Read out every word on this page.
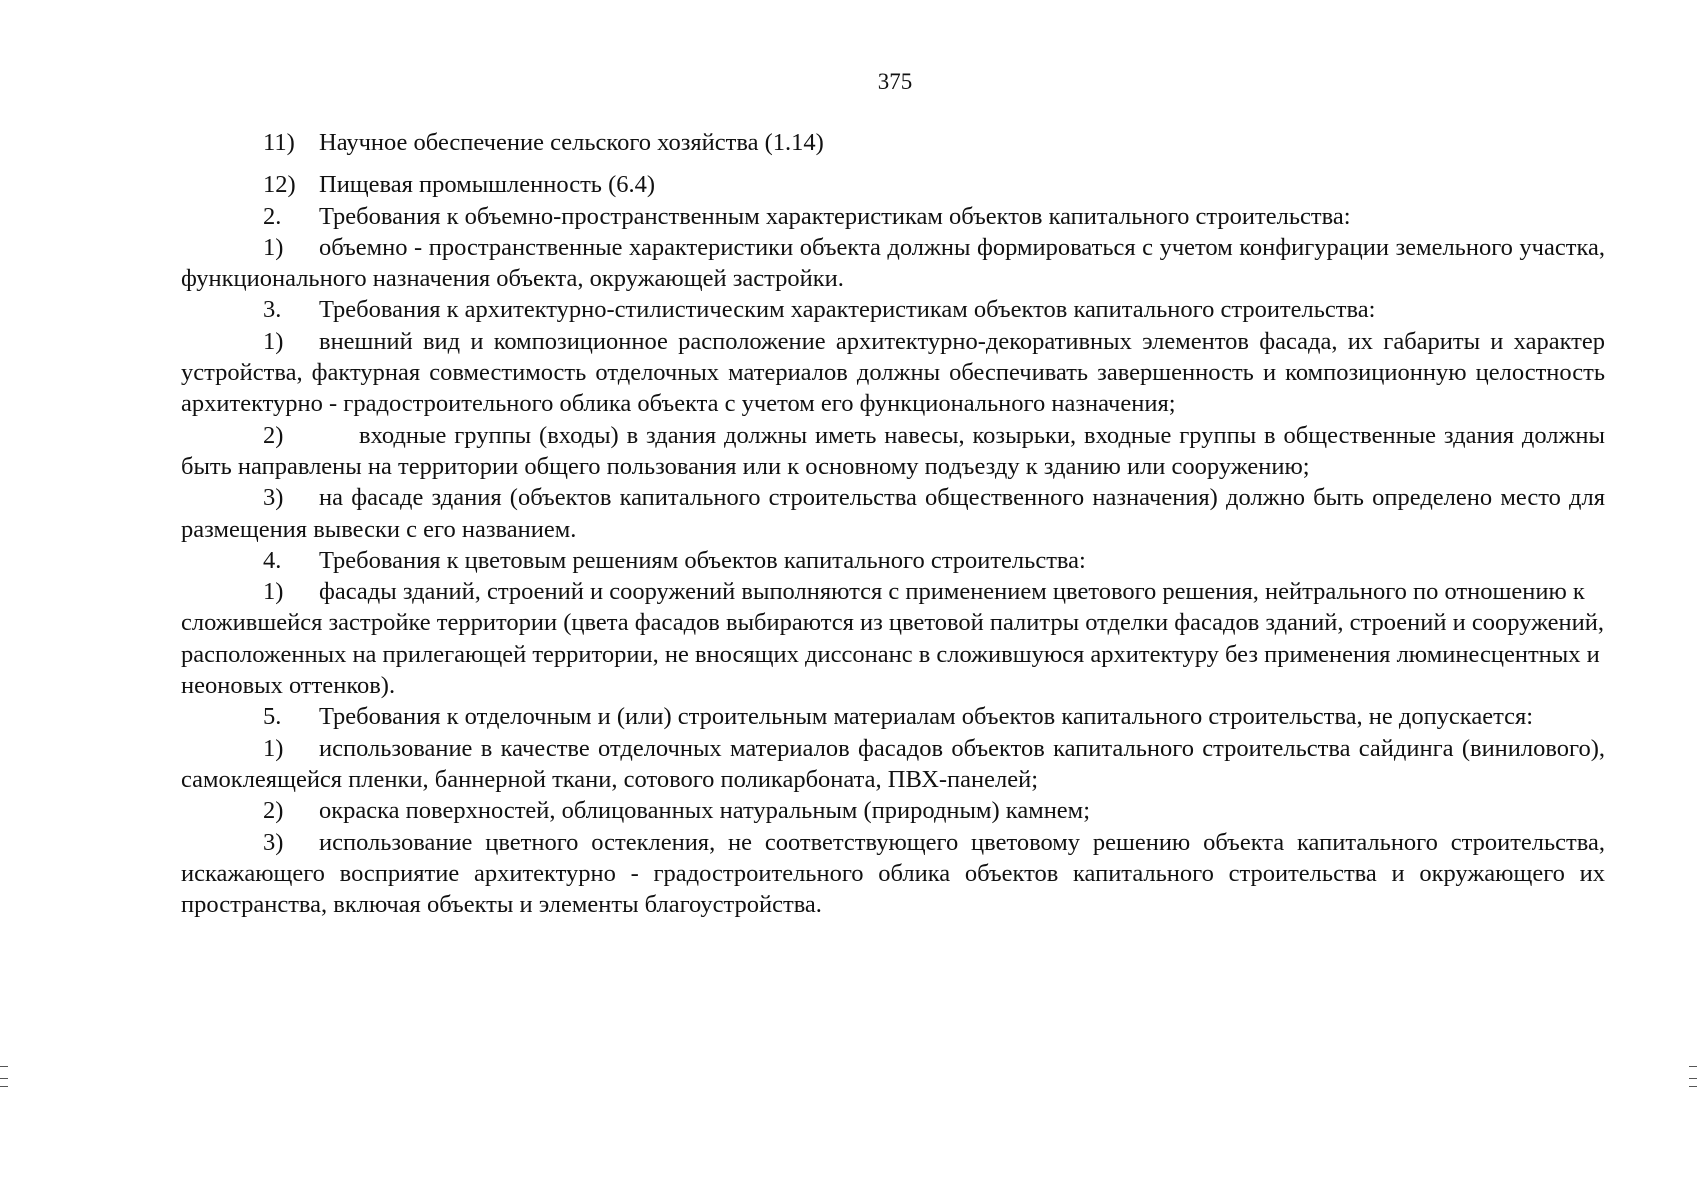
375

11) Научное обеспечение сельского хозяйства (1.14)

12) Пищевая промышленность (6.4)

2. Требования к объемно-пространственным характеристикам объектов капитального строительства:

1) объемно - пространственные характеристики объекта должны формироваться с учетом конфигурации земельного участка, функционального назначения объекта, окружающей застройки.

3. Требования к архитектурно-стилистическим характеристикам объектов капитального строительства:

1) внешний вид и композиционное расположение архитектурно-декоративных элементов фасада, их габариты и характер устройства, фактурная совместимость отделочных материалов должны обеспечивать завершенность и композиционную целостность архитектурно - градостроительного облика объекта с учетом его функционального назначения;

2)	входные группы (входы) в здания должны иметь навесы, козырьки, входные группы в общественные здания должны быть направлены на территории общего пользования или к основному подъезду к зданию или сооружению;

3) на фасаде здания (объектов капитального строительства общественного назначения) должно быть определено место для размещения вывески с его названием.

4. Требования к цветовым решениям объектов капитального строительства:

1) фасады зданий, строений и сооружений выполняются с применением цветового решения, нейтрального по отношению к сложившейся застройке территории (цвета фасадов выбираются из цветовой палитры отделки фасадов зданий, строений и сооружений, расположенных на прилегающей территории, не вносящих диссонанс в сложившуюся архитектуру без применения люминесцентных и неоновых оттенков).

5. Требования к отделочным и (или) строительным материалам объектов капитального строительства, не допускается:

1) использование в качестве отделочных материалов фасадов объектов капитального строительства сайдинга (винилового), самоклеящейся пленки, баннерной ткани, сотового поликарбоната, ПВХ-панелей;

2) окраска поверхностей, облицованных натуральным (природным) камнем;

3) использование цветного остекления, не соответствующего цветовому решению объекта капитального строительства, искажающего восприятие архитектурно - градостроительного облика объектов капитального строительства и окружающего их пространства, включая объекты и элементы благоустройства.
